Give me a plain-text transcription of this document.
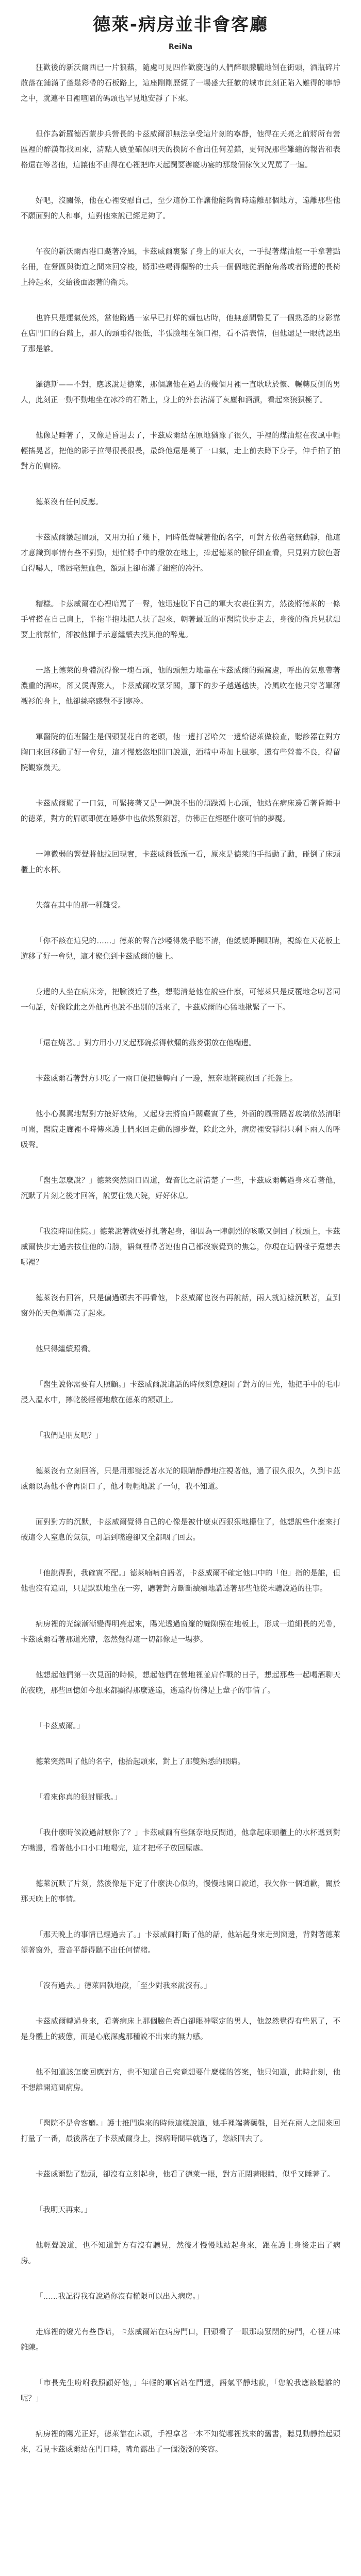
德萊-病房並非會客廳
ReiNa

狂歡後的新沃爾西已一片狼藉，隨處可見四作歡慶過的人們醉眼朦朧地倒在街頭，酒瓶碎片散落在鋪滿了蓬鬆彩帶的石板路上，這座剛剛歷經了一場盛大狂歡的城市此刻正陷入難得的寧靜之中，就連平日裡喧鬧的碼頭也罕見地安靜了下來。

但作為新羅德西蒙步兵營長的卡茲威爾卻無法享受這片刻的寧靜，他得在天亮之前將所有營區裡的醉漢都找回來，清點人數並確保明天的換防不會出任何差錯，更何況那些難纏的報告和表格還在等著他，這讓他不由得在心裡把昨天起鬨要辦慶功宴的那幾個傢伙又咒罵了一遍。

好吧，沒關係，他在心裡安慰自己，至少這份工作讓他能夠暫時遠離那個地方，遠離那些他不願面對的人和事，這對他來說已經足夠了。

午夜的新沃爾西港口颳著冷風，卡茲威爾裹緊了身上的軍大衣，一手提著煤油燈一手拿著點名冊，在營區與街道之間來回穿梭，將那些喝得爛醉的士兵一個個地從酒館角落或者路邊的長椅上拎起來，交給後面跟著的衛兵。

也許只是運氣使然，當他路過一家早已打烊的麵包店時，他無意間瞥見了一個熟悉的身影靠在店門口的台階上，那人的頭垂得很低，半張臉埋在領口裡，看不清表情，但他還是一眼就認出了那是誰。

羅德斯——不對，應該說是德萊，那個讓他在過去的幾個月裡一直耿耿於懷、輾轉反側的男人，此刻正一動不動地坐在冰冷的石階上，身上的外套沾滿了灰塵和酒漬，看起來狼狽極了。

他像是睡著了，又像是昏過去了，卡茲威爾站在原地猶豫了很久，手裡的煤油燈在夜風中輕輕搖晃著，把他的影子拉得很長很長，最終他還是嘆了一口氣，走上前去蹲下身子，伸手拍了拍對方的肩膀。

德萊沒有任何反應。

卡茲威爾皺起眉頭，又用力拍了幾下，同時低聲喊著他的名字，可對方依舊毫無動靜，他這才意識到事情有些不對勁，連忙將手中的燈放在地上，捧起德萊的臉仔細查看，只見對方臉色蒼白得嚇人，嘴唇毫無血色，額頭上卻布滿了細密的冷汗。

糟糕。卡茲威爾在心裡暗罵了一聲，他迅速脫下自己的軍大衣裹住對方，然後將德萊的一條手臂搭在自己肩上，半拖半抱地把人扶了起來，朝著最近的軍醫院快步走去，身後的衛兵見狀想要上前幫忙，卻被他揮手示意繼續去找其他的醉鬼。

一路上德萊的身體沉得像一塊石頭，他的頭無力地靠在卡茲威爾的頸窩處，呼出的氣息帶著濃重的酒味，卻又燙得驚人，卡茲威爾咬緊牙關，腳下的步子越邁越快，冷風吹在他只穿著單薄襯衫的身上，他卻絲毫感覺不到寒冷。

軍醫院的值班醫生是個頭髮花白的老頭，他一邊打著哈欠一邊給德萊做檢查，聽診器在對方胸口來回移動了好一會兒，這才慢悠悠地開口說道，酒精中毒加上風寒，還有些營養不良，得留院觀察幾天。

卡茲威爾鬆了一口氣，可緊接著又是一陣說不出的煩躁湧上心頭，他站在病床邊看著昏睡中的德萊，對方的眉頭即便在睡夢中也依然緊鎖著，彷彿正在經歷什麼可怕的夢魘。

一陣微弱的響聲將他拉回現實，卡茲威爾低頭一看，原來是德萊的手指動了動，碰倒了床頭櫃上的水杯。

失落在其中的那一種難受。

「你不該在這兒的……」德萊的聲音沙啞得幾乎聽不清，他緩緩睜開眼睛，視線在天花板上遊移了好一會兒，這才聚焦到卡茲威爾的臉上。

身邊的人坐在病床旁，把臉湊近了些，想聽清楚他在說些什麼，可德萊只是反覆地念叨著同一句話，好像除此之外他再也說不出別的話來了，卡茲威爾的心猛地揪緊了一下。

「還在燒著。」對方用小刀叉起那碗煮得軟爛的燕麥粥放在他嘴邊。

卡茲威爾看著對方只吃了一兩口便把臉轉向了一邊，無奈地將碗放回了托盤上。

他小心翼翼地幫對方掖好被角，又起身去將窗戶關嚴實了些，外面的風聲隔著玻璃依然清晰可聞，醫院走廊裡不時傳來護士們來回走動的腳步聲，除此之外，病房裡安靜得只剩下兩人的呼吸聲。

「醫生怎麼說？」德萊突然開口問道，聲音比之前清楚了一些，卡茲威爾轉過身來看著他，沉默了片刻之後才回答，說要住幾天院，好好休息。

「我沒時間住院。」德萊說著就要掙扎著起身，卻因為一陣劇烈的咳嗽又倒回了枕頭上，卡茲威爾快步走過去按住他的肩膀，語氣裡帶著連他自己都沒察覺到的焦急，你現在這個樣子還想去哪裡？

德萊沒有回答，只是偏過頭去不再看他，卡茲威爾也沒有再說話，兩人就這樣沉默著，直到窗外的天色漸漸亮了起來。

他只得繼續照看。

「醫生說你需要有人照顧。」卡茲威爾說這話的時候刻意避開了對方的目光，他把手中的毛巾浸入溫水中，擰乾後輕輕地敷在德萊的額頭上。

「我們是朋友吧？」

德萊沒有立刻回答，只是用那雙泛著水光的眼睛靜靜地注視著他，過了很久很久，久到卡茲威爾以為他不會再開口了，他才輕輕地說了一句，我不知道。

面對對方的沉默，卡茲威爾覺得自己的心像是被什麼東西狠狠地攥住了，他想說些什麼來打破這令人窒息的氣氛，可話到嘴邊卻又全都咽了回去。

「他說得對，我確實不配。」德萊喃喃自語著，卡茲威爾不確定他口中的「他」指的是誰，但他也沒有追問，只是默默地坐在一旁，聽著對方斷斷續續地講述著那些他從未聽說過的往事。

病房裡的光線漸漸變得明亮起來，陽光透過窗簾的縫隙照在地板上，形成一道細長的光帶，卡茲威爾看著那道光帶，忽然覺得這一切都像是一場夢。

他想起他們第一次見面的時候，想起他們在營地裡並肩作戰的日子，想起那些一起喝酒聊天的夜晚，那些回憶如今想來都顯得那麼遙遠，遙遠得彷彿是上輩子的事情了。

「卡茲威爾。」

德萊突然叫了他的名字，他抬起頭來，對上了那雙熟悉的眼睛。

「看來你真的很討厭我。」

「我什麼時候說過討厭你了？」卡茲威爾有些無奈地反問道，他拿起床頭櫃上的水杯遞到對方嘴邊，看著他小口小口地喝完，這才把杯子放回原處。

德萊沉默了片刻，然後像是下定了什麼決心似的，慢慢地開口說道，我欠你一個道歉，關於那天晚上的事情。

「那天晚上的事情已經過去了。」卡茲威爾打斷了他的話，他站起身來走到窗邊，背對著德萊望著窗外，聲音平靜得聽不出任何情緒。

「沒有過去。」德萊固執地說，「至少對我來說沒有。」

卡茲威爾轉過身來，看著病床上那個臉色蒼白卻眼神堅定的男人，他忽然覺得有些累了，不是身體上的疲憊，而是心底深處那種說不出來的無力感。

他不知道該怎麼回應對方，也不知道自己究竟想要什麼樣的答案，他只知道，此時此刻，他不想離開這間病房。

「醫院不是會客廳。」護士推門進來的時候這樣說道，她手裡端著藥盤，目光在兩人之間來回打量了一番，最後落在了卡茲威爾身上，探病時間早就過了，您該回去了。

卡茲威爾點了點頭，卻沒有立刻起身，他看了德萊一眼，對方正閉著眼睛，似乎又睡著了。

「我明天再來。」

他輕聲說道，也不知道對方有沒有聽見，然後才慢慢地站起身來，跟在護士身後走出了病房。

「……我記得我有說過你沒有權限可以出入病房。」

走廊裡的燈光有些昏暗，卡茲威爾站在病房門口，回頭看了一眼那扇緊閉的房門，心裡五味雜陳。

「市長先生吩咐我照顧好他，」年輕的軍官站在門邊，語氣平靜地說，「您說我應該聽誰的呢？」

病房裡的陽光正好，德萊靠在床頭，手裡拿著一本不知從哪裡找來的舊書，聽見動靜抬起頭來，看見卡茲威爾站在門口時，嘴角露出了一個淺淺的笑容。
